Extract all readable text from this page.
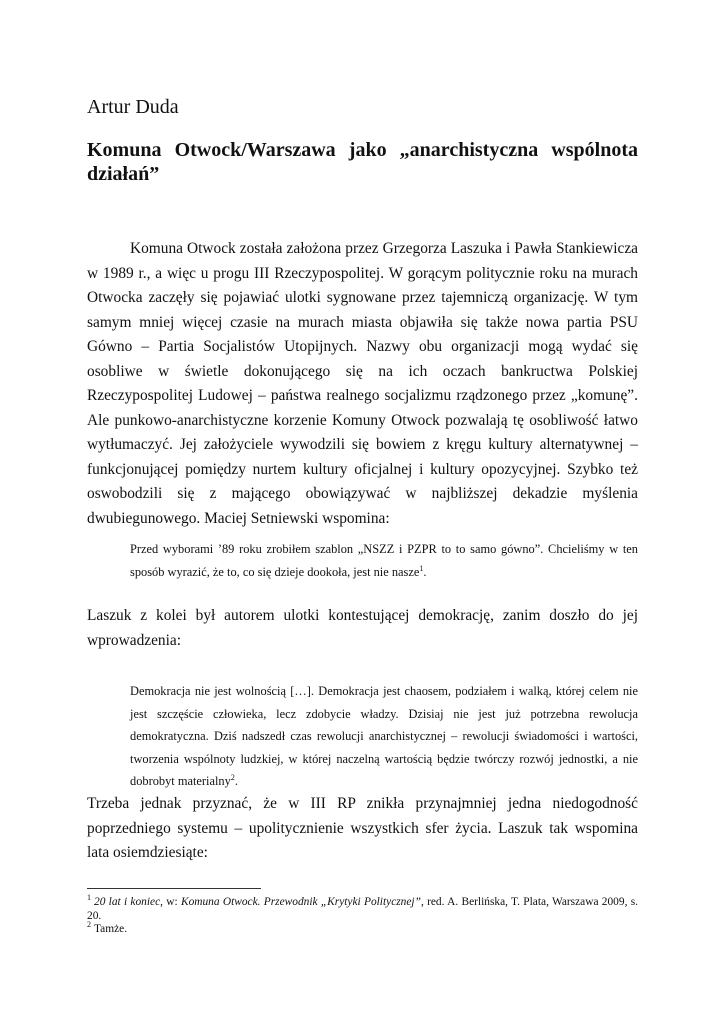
Artur Duda
Komuna Otwock/Warszawa jako „anarchistyczna wspólnota
działań”
Komuna Otwock została założona przez Grzegorza Laszuka i Pawła Stankiewicza w 1989 r., a więc u progu III Rzeczypospolitej. W gorącym politycznie roku na murach Otwocka zaczęły się pojawiać ulotki sygnowane przez tajemniczą organizację. W tym samym mniej więcej czasie na murach miasta objawiła się także nowa partia PSU Gówno – Partia Socjalistów Utopijnych. Nazwy obu organizacji mogą wydać się osobliwe w świetle dokonującego się na ich oczach bankructwa Polskiej Rzeczypospolitej Ludowej – państwa realnego socjalizmu rządzonego przez „komunę”. Ale punkowo-anarchistyczne korzenie Komuny Otwock pozwalają tę osobliwość łatwo wytłumaczyć. Jej założyciele wywodzili się bowiem z kręgu kultury alternatywnej – funkcjonującej pomiędzy nurtem kultury oficjalnej i kultury opozycyjnej. Szybko też oswobodzili się z mającego obowiązywać w najbliższej dekadzie myślenia dwubiegunowego. Maciej Setniewski wspomina:
Przed wyborami ’89 roku zrobiłem szablon „NSZZ i PZPR to to samo gówno”. Chcieliśmy w ten sposób wyrazić, że to, co się dzieje dookoła, jest nie nasze$^1$.
Laszuk z kolei był autorem ulotki kontestującej demokrację, zanim doszło do jej wprowadzenia:
Demokracja nie jest wolnością […]. Demokracja jest chaosem, podziałem i walką, której celem nie jest szczęście człowieka, lecz zdobycie władzy. Dzisiaj nie jest już potrzebna rewolucja demokratyczna. Dziś nadszedł czas rewolucji anarchistycznej – rewolucji świadomości i wartości, tworzenia wspólnoty ludzkiej, w której naczelną wartością będzie twórczy rozwój jednostki, a nie dobrobyt materialny$^2$.
Trzeba jednak przyznać, że w III RP znikła przynajmniej jedna niedogodność poprzedniego systemu – upolitycznienie wszystkich sfer życia. Laszuk tak wspomina lata osiemdziesiąte:
$^1$ 20 lat i koniec, w: Komuna Otwock. Przewodnik „Krytyki Politycznej”, red. A. Berlińska, T. Plata, Warszawa 2009, s. 20.
$^2$ Tamże.
